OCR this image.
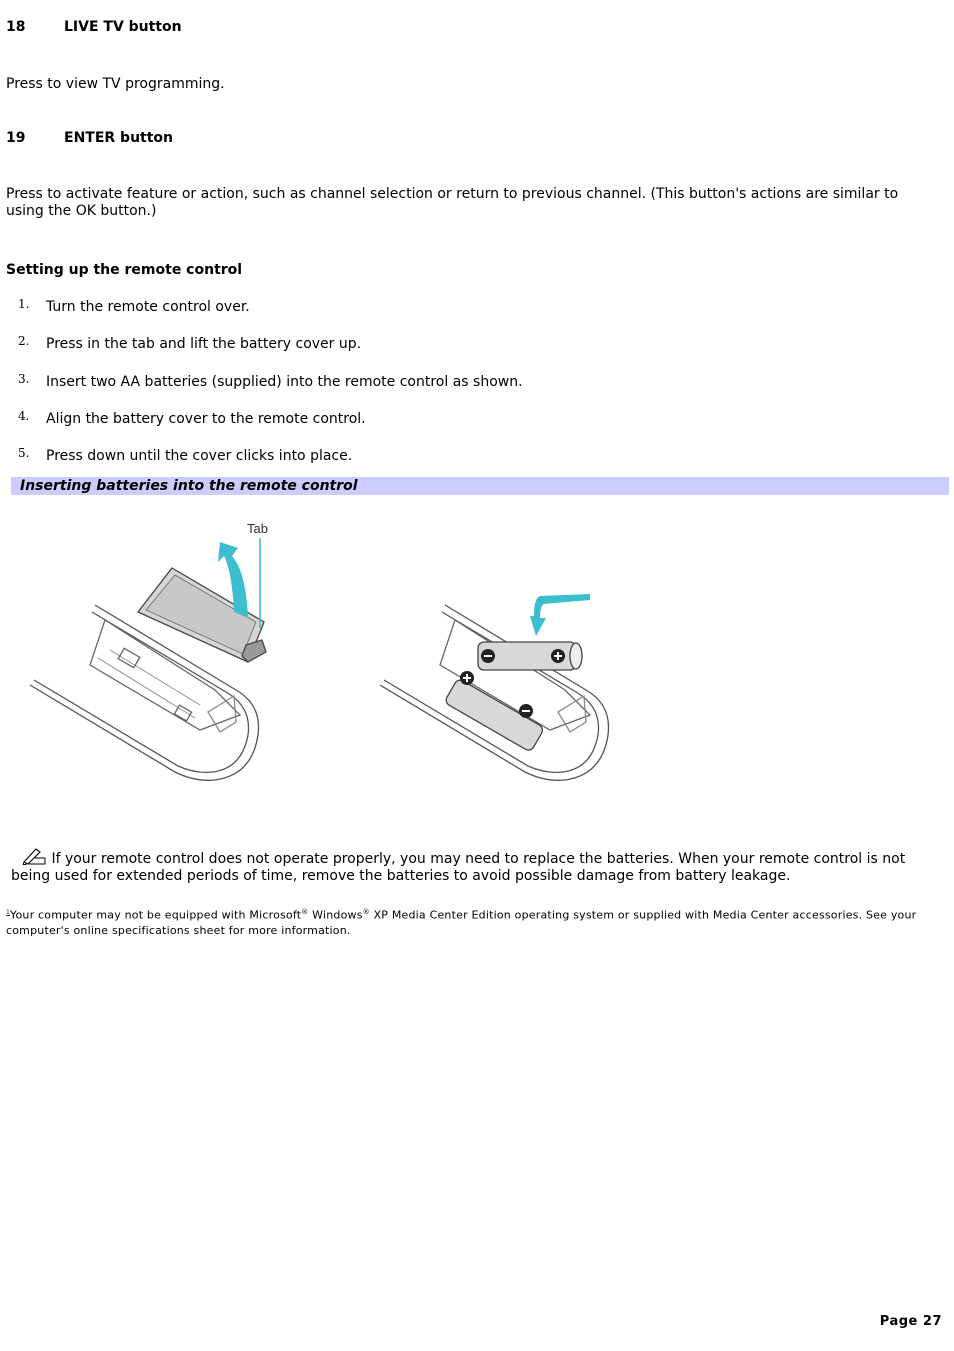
18	LIVE TV button
Press to view TV programming.
19	ENTER button
Press to activate feature or action, such as channel selection or return to previous channel. (This button's actions are similar to using the OK button.)
Setting up the remote control
1. Turn the remote control over.
2. Press in the tab and lift the battery cover up.
3. Insert two AA batteries (supplied) into the remote control as shown.
4. Align the battery cover to the remote control.
5. Press down until the cover clicks into place.
Inserting batteries into the remote control
Tab
If your remote control does not operate properly, you may need to replace the batteries. When your remote control is not being used for extended periods of time, remove the batteries to avoid possible damage from battery leakage.
$^1$Your computer may not be equipped with Microsoft® Windows® XP Media Center Edition operating system or supplied with Media Center accessories. See your computer's online specifications sheet for more information.
Page 27
